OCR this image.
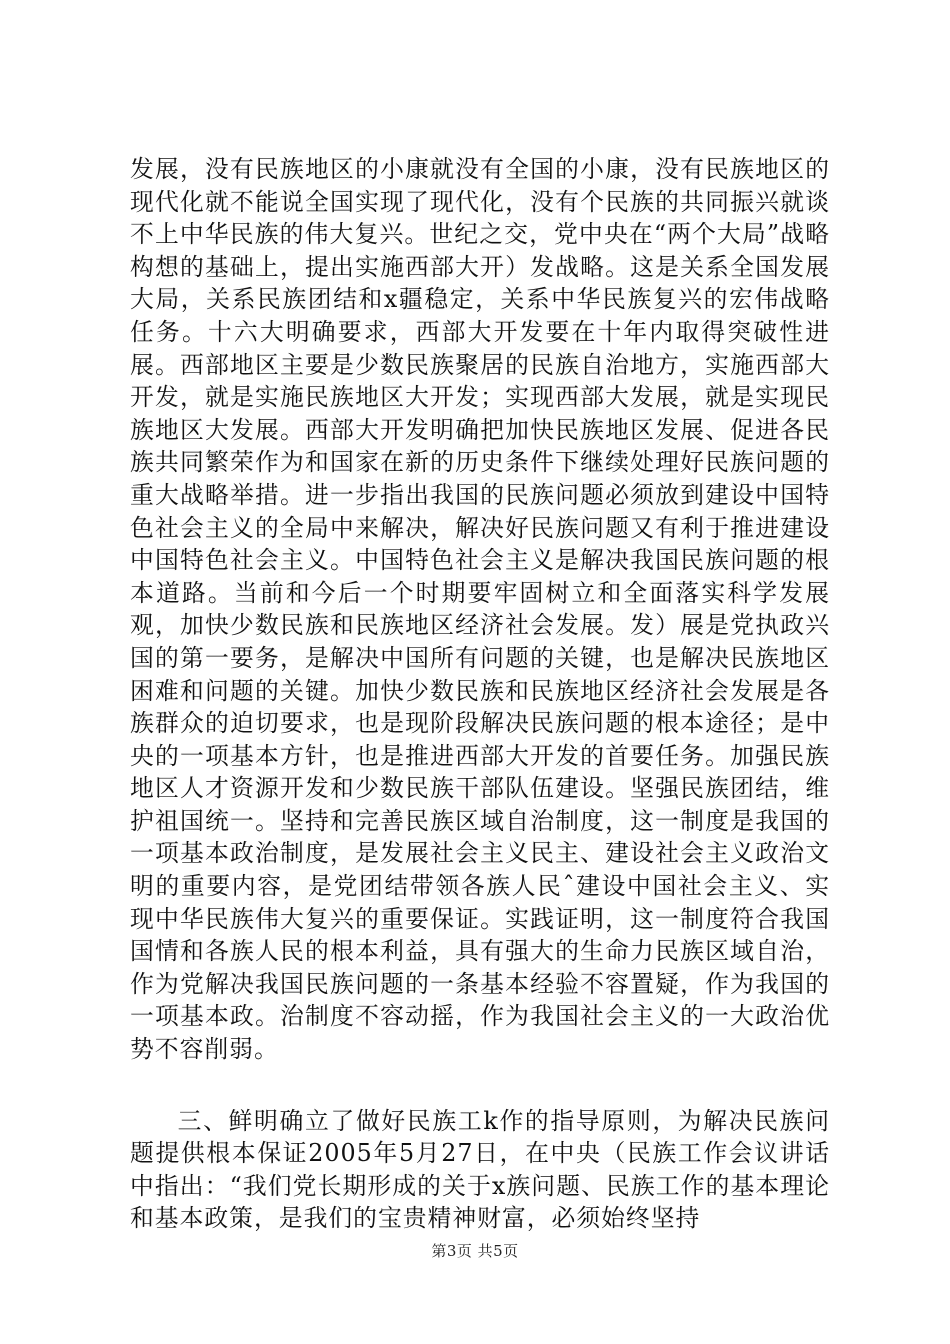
发展，没有民族地区的小康就没有全国的小康，没有民族地区的现代化就不能说全国实现了现代化，没有个民族的共同振兴就谈不上中华民族的伟大复兴。世纪之交，党中央在“两个大局”战略构想的基础上，提出实施西部大开）发战略。这是关系全国发展大局，关系民族团结和x疆稳定，关系中华民族复兴的宏伟战略任务。十六大明确要求，西部大开发要在十年内取得突破性进展。西部地区主要是少数民族聚居的民族自治地方，实施西部大开发，就是实施民族地区大开发；实现西部大发展，就是实现民族地区大发展。西部大开发明确把加快民族地区发展、促进各民族共同繁荣作为和国家在新的历史条件下继续处理好民族问题的重大战略举措。进一步指出我国的民族问题必须放到建设中国特色社会主义的全局中来解决，解决好民族问题又有利于推进建设中国特色社会主义。中国特色社会主义是解决我国民族问题的根本道路。当前和今后一个时期要牢固树立和全面落实科学发展观，加快少数民族和民族地区经济社会发展。发）展是党执政兴国的第一要务，是解决中国所有问题的关键，也是解决民族地区困难和问题的关键。加快少数民族和民族地区经济社会发展是各族群众的迫切要求，也是现阶段解决民族问题的根本途径；是中央的一项基本方针，也是推进西部大开发的首要任务。加强民族地区人才资源开发和少数民族干部队伍建设。坚强民族团结，维护祖国统一。坚持和完善民族区域自治制度，这一制度是我国的一项基本政治制度，是发展社会主义民主、建设社会主义政治文明的重要内容，是党团结带领各族人民ˆ建设中国社会主义、实现中华民族伟大复兴的重要保证。实践证明，这一制度符合我国国情和各族人民的根本利益，具有强大的生命力民族区域自治，作为党解决我国民族问题的一条基本经验不容置疑，作为我国的一项基本政。治制度不容动摇，作为我国社会主义的一大政治优势不容削弱。

三、鲜明确立了做好民族工k作的指导原则，为解决民族问题提供根本保证2005年5月27日，在中央（民族工作会议讲话中指出：“我们党长期形成的关于x族问题、民族工作的基本理论和基本政策，是我们的宝贵精神财富，必须始终坚持

第3页 共5页
